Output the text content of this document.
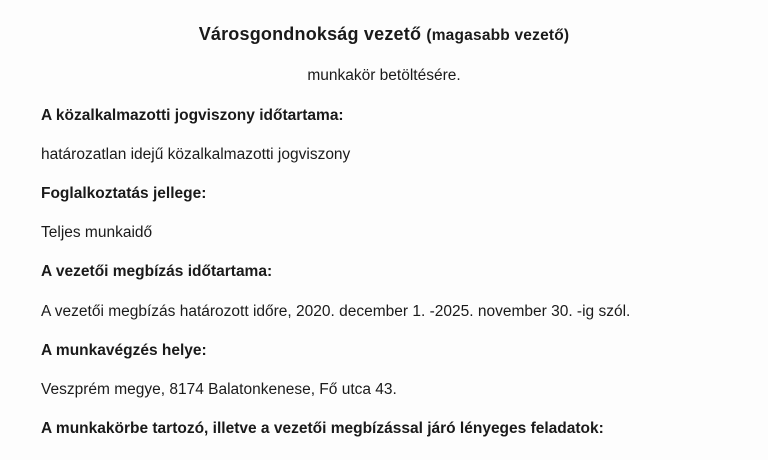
Városgondnokság vezető (magasabb vezető)
munkakör betöltésére.
A közalkalmazotti jogviszony időtartama:
határozatlan idejű közalkalmazotti jogviszony
Foglalkoztatás jellege:
Teljes munkaidő
A vezetői megbízás időtartama:
A vezetői megbízás határozott időre, 2020. december 1. -2025. november 30. -ig szól.
A munkavégzés helye:
Veszprém megye, 8174 Balatonkenese, Fő utca 43.
A munkakörbe tartozó, illetve a vezetői megbízással járó lényeges feladatok:
